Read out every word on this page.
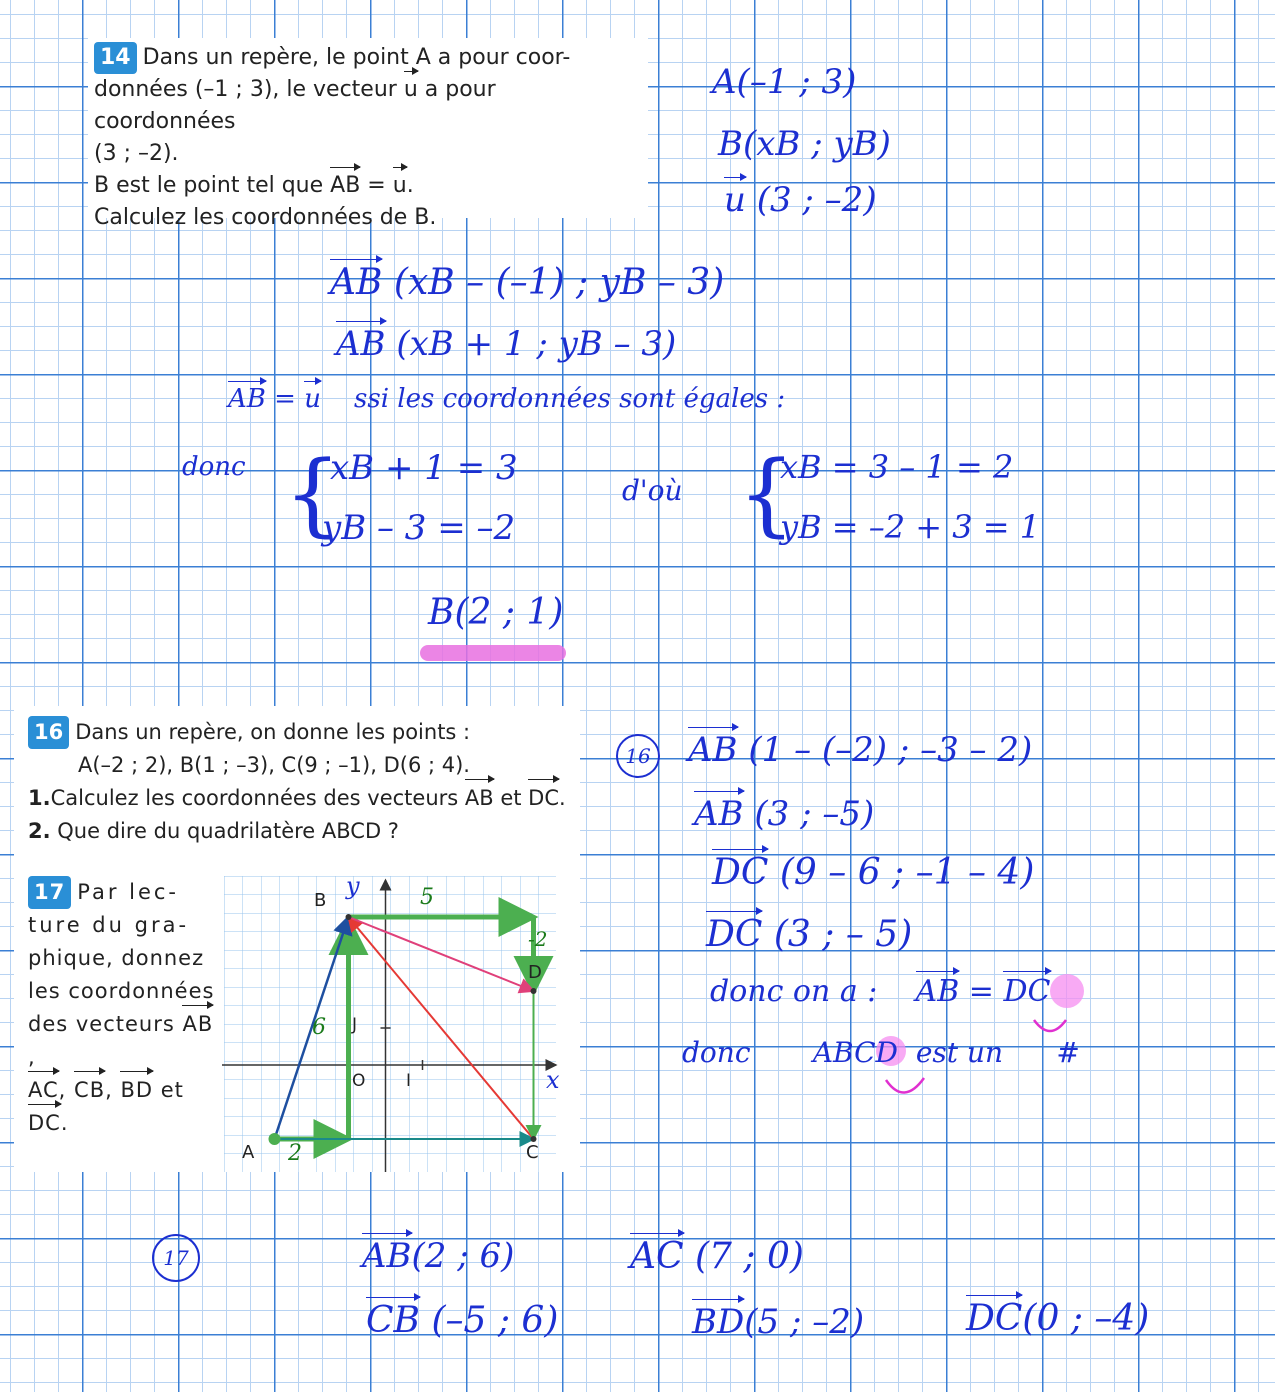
14 Dans un repère, le point A a pour coor-
données (–1 ; 3), le vecteur u a pour coordonnées
(3 ; –2).
B est le point tel que AB = u.
Calculez les coordonnées de B.
A(–1 ; 3)
B(xB ; yB)
u (3 ; –2)
AB (xB – (–1) ; yB – 3)
AB (xB + 1 ; yB – 3)
AB = u ssi les coordonnées sont égales :
donc {
xB + 1 = 3
yB – 3 = –2
d'où {
xB = 3 – 1 = 2
yB = –2 + 3 = 1
B(2 ; 1)
16 Dans un repère, on donne les points :
A(–2 ; 2), B(1 ; –3), C(9 ; –1), D(6 ; 4).
1.Calculez les coordonnées des vecteurs AB et DC.
2. Que dire du quadrilatère ABCD ?
17 Par lec-
ture du gra-
phique, donnez
les coordonnées
des vecteurs AB,
AC, CB, BD et
DC.
B
A	C
D
J
O I
y
x
5
-2
6
2
16 AB (1 – (–2) ; –3 – 2)
AB (3 ; –5)
DC (9 – 6 ; –1 – 4)
DC (3 ; – 5)
donc on a : AB = DC
donc ABCD est un #
17	AB(2 ; 6)	AC (7 ; 0)
CB (–5 ; 6)	BD(5 ; –2)	DC(0 ; –4)
